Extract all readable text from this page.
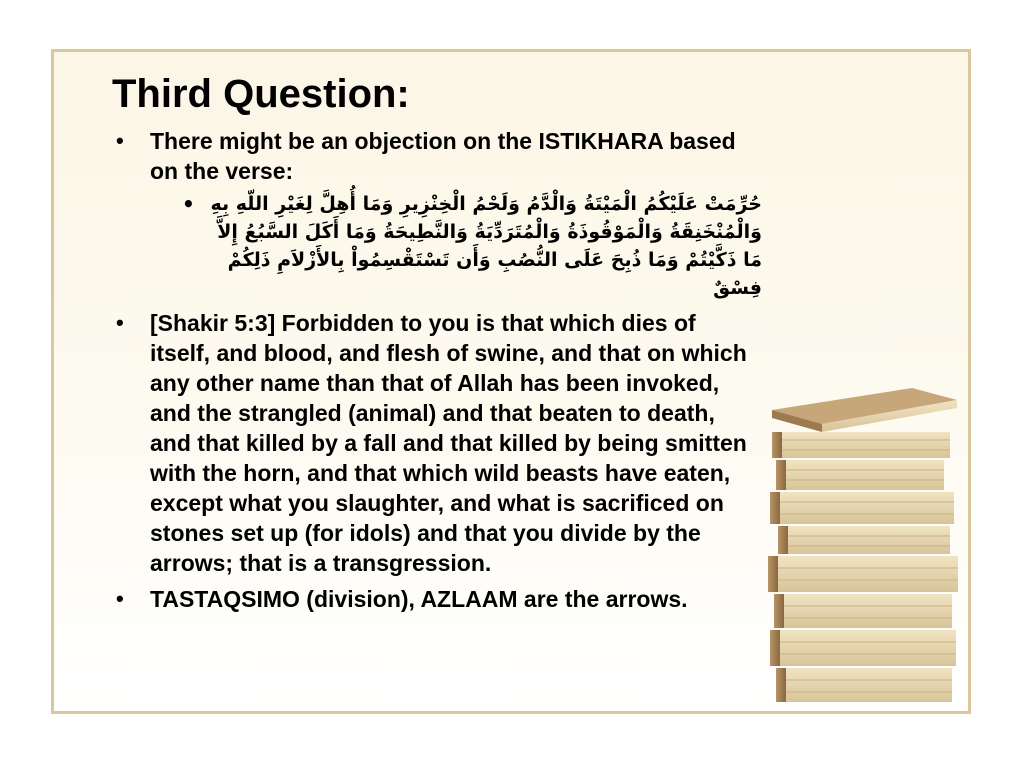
Third Question:
• There might be an objection on the ISTIKHARA based on the verse:
• حُرِّمَتْ عَلَيْكُمُ الْمَيْتَةُ وَالْدَّمُ وَلَحْمُ الْخِنْزِيرِ وَمَا أُهِلَّ لِغَيْرِ اللّهِ بِهِ وَالْمُنْخَنِقَةُ وَالْمَوْقُوذَةُ وَالْمُتَرَدِّيَةُ وَالنَّطِيحَةُ وَمَا أَكَلَ السَّبُعُ إِلاَّ مَا ذَكَّيْتُمْ وَمَا ذُبِحَ عَلَى النُّصُبِ وَأَن تَسْتَقْسِمُواْ بِالأَزْلاَمِ ذَلِكُمْ فِسْقٌ
• [Shakir 5:3] Forbidden to you is that which dies of itself, and blood, and flesh of swine, and that on which any other name than that of Allah has been invoked, and the strangled (animal) and that beaten to death, and that killed by a fall and that killed by being smitten with the horn, and that which wild beasts have eaten, except what you slaughter, and what is sacrificed on stones set up (for idols) and that you divide by the arrows; that is a transgression.
• TASTAQSIMO (division), AZLAAM are the arrows.
